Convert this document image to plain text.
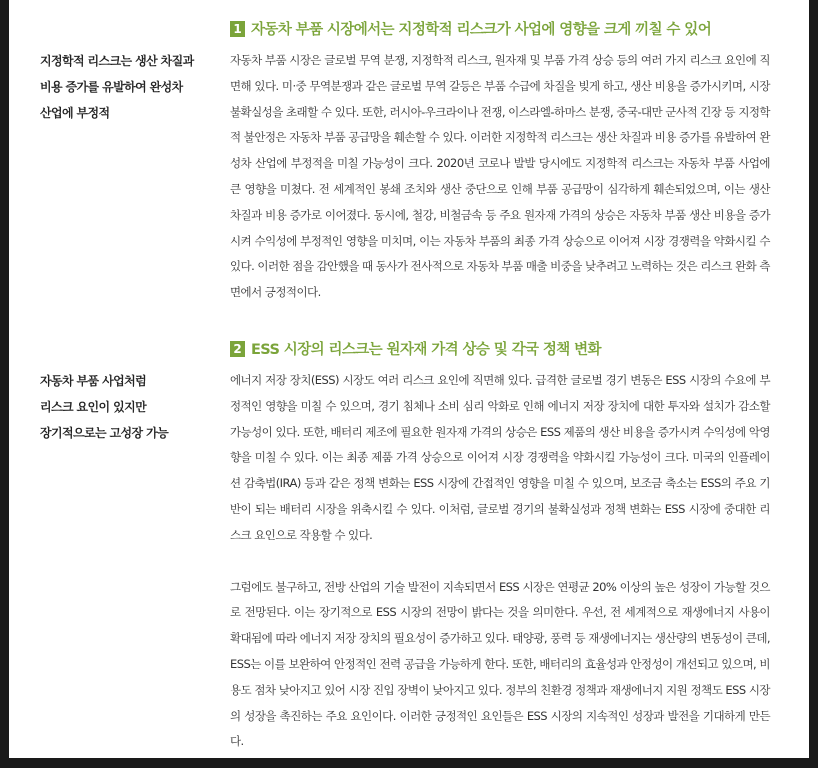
1 자동차 부품 시장에서는 지정학적 리스크가 사업에 영향을 크게 끼칠 수 있어
지정학적 리스크는 생산 차질과
비용 증가를 유발하여 완성차
산업에 부정적

자동차 부품 시장은 글로벌 무역 분쟁, 지정학적 리스크, 원자재 및 부품 가격 상승 등의 여러 가지 리스크 요인에 직면해 있다. 미·중 무역분쟁과 같은 글로벌 무역 갈등은 부품 수급에 차질을 빚게 하고, 생산 비용을 증가시키며, 시장 불확실성을 초래할 수 있다. 또한, 러시아-우크라이나 전쟁, 이스라엘-하마스 분쟁, 중국-대만 군사적 긴장 등 지정학적 불안정은 자동차 부품 공급망을 훼손할 수 있다. 이러한 지정학적 리스크는 생산 차질과 비용 증가를 유발하여 완성차 산업에 부정적을 미칠 가능성이 크다. 2020년 코로나 발발 당시에도 지정학적 리스크는 자동차 부품 사업에 큰 영향을 미쳤다. 전 세계적인 봉쇄 조치와 생산 중단으로 인해 부품 공급망이 심각하게 훼손되었으며, 이는 생산 차질과 비용 증가로 이어졌다. 동시에, 철강, 비철금속 등 주요 원자재 가격의 상승은 자동차 부품 생산 비용을 증가시켜 수익성에 부정적인 영향을 미치며, 이는 자동차 부품의 최종 가격 상승으로 이어져 시장 경쟁력을 약화시킬 수 있다. 이러한 점을 감안했을 때 동사가 전사적으로 자동차 부품 매출 비중을 낮추려고 노력하는 것은 리스크 완화 측면에서 긍정적이다.

2 ESS 시장의 리스크는 원자재 가격 상승 및 각국 정책 변화
자동차 부품 사업처럼
리스크 요인이 있지만
장기적으로는 고성장 가능

에너지 저장 장치(ESS) 시장도 여러 리스크 요인에 직면해 있다. 급격한 글로벌 경기 변동은 ESS 시장의 수요에 부정적인 영향을 미칠 수 있으며, 경기 침체나 소비 심리 악화로 인해 에너지 저장 장치에 대한 투자와 설치가 감소할 가능성이 있다. 또한, 배터리 제조에 필요한 원자재 가격의 상승은 ESS 제품의 생산 비용을 증가시켜 수익성에 악영향을 미칠 수 있다. 이는 최종 제품 가격 상승으로 이어져 시장 경쟁력을 약화시킬 가능성이 크다. 미국의 인플레이션 감축법(IRA) 등과 같은 정책 변화는 ESS 시장에 간접적인 영향을 미칠 수 있으며, 보조금 축소는 ESS의 주요 기반이 되는 배터리 시장을 위축시킬 수 있다. 이처럼, 글로벌 경기의 불확실성과 정책 변화는 ESS 시장에 중대한 리스크 요인으로 작용할 수 있다.

그럼에도 불구하고, 전방 산업의 기술 발전이 지속되면서 ESS 시장은 연평균 20% 이상의 높은 성장이 가능할 것으로 전망된다. 이는 장기적으로 ESS 시장의 전망이 밝다는 것을 의미한다. 우선, 전 세계적으로 재생에너지 사용이 확대됨에 따라 에너지 저장 장치의 필요성이 증가하고 있다. 태양광, 풍력 등 재생에너지는 생산량의 변동성이 큰데, ESS는 이를 보완하여 안정적인 전력 공급을 가능하게 한다. 또한, 배터리의 효율성과 안정성이 개선되고 있으며, 비용도 점차 낮아지고 있어 시장 진입 장벽이 낮아지고 있다. 정부의 친환경 정책과 재생에너지 지원 정책도 ESS 시장의 성장을 촉진하는 주요 요인이다. 이러한 긍정적인 요인들은 ESS 시장의 지속적인 성장과 발전을 기대하게 만든다.
